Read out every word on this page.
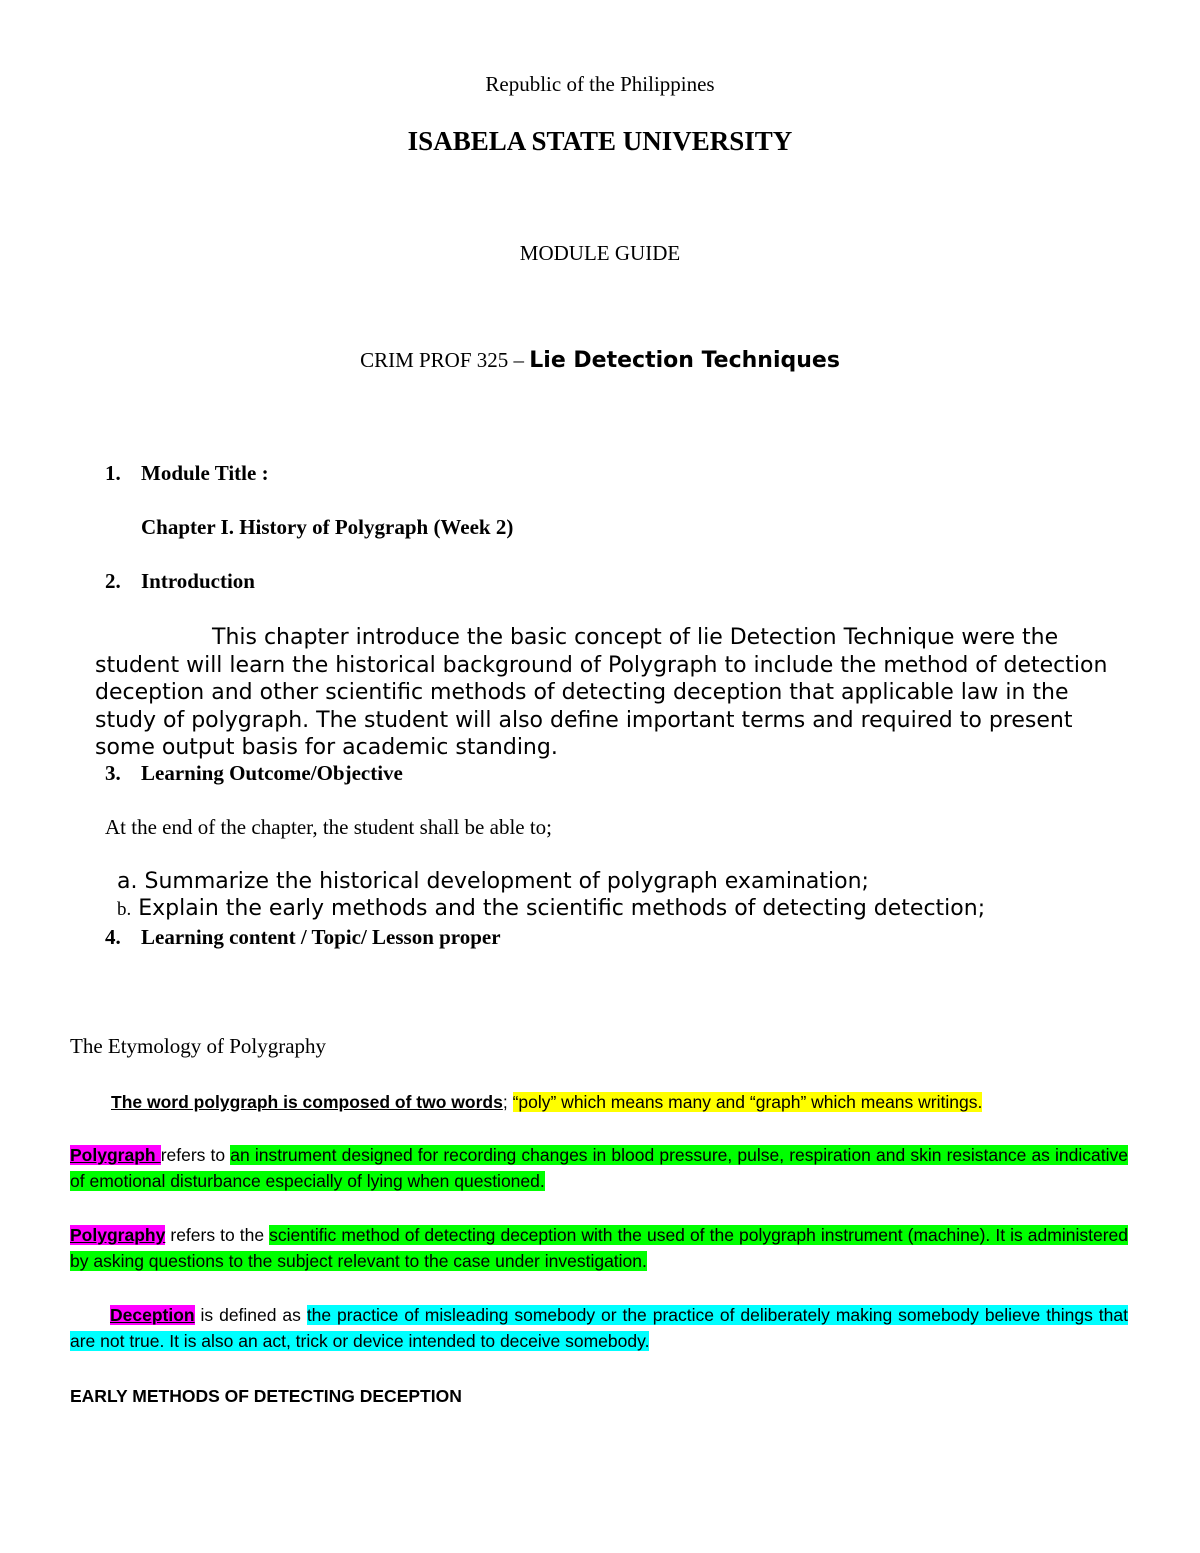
Republic of the Philippines
ISABELA STATE UNIVERSITY
MODULE GUIDE
CRIM PROF 325 – Lie Detection Techniques
1. Module Title :
Chapter I. History of Polygraph (Week 2)
2. Introduction
This chapter introduce the basic concept of lie Detection Technique were the student will learn the historical background of Polygraph to include the method of detection deception and other scientific methods of detecting deception that applicable law in the study of polygraph. The student will also define important terms and required to present some output basis for academic standing.
3. Learning Outcome/Objective
At the end of the chapter, the student shall be able to;
a. Summarize the historical development of polygraph examination;
b. Explain the early methods and the scientific methods of detecting detection;
4. Learning content / Topic/ Lesson proper
The Etymology of Polygraphy
The word polygraph is composed of two words; “poly” which means many and “graph” which means writings.
Polygraph refers to an instrument designed for recording changes in blood pressure, pulse, respiration and skin resistance as indicative of emotional disturbance especially of lying when questioned.
Polygraphy refers to the scientific method of detecting deception with the used of the polygraph instrument (machine). It is administered by asking questions to the subject relevant to the case under investigation.
Deception is defined as the practice of misleading somebody or the practice of deliberately making somebody believe things that are not true. It is also an act, trick or device intended to deceive somebody.
EARLY METHODS OF DETECTING DECEPTION
